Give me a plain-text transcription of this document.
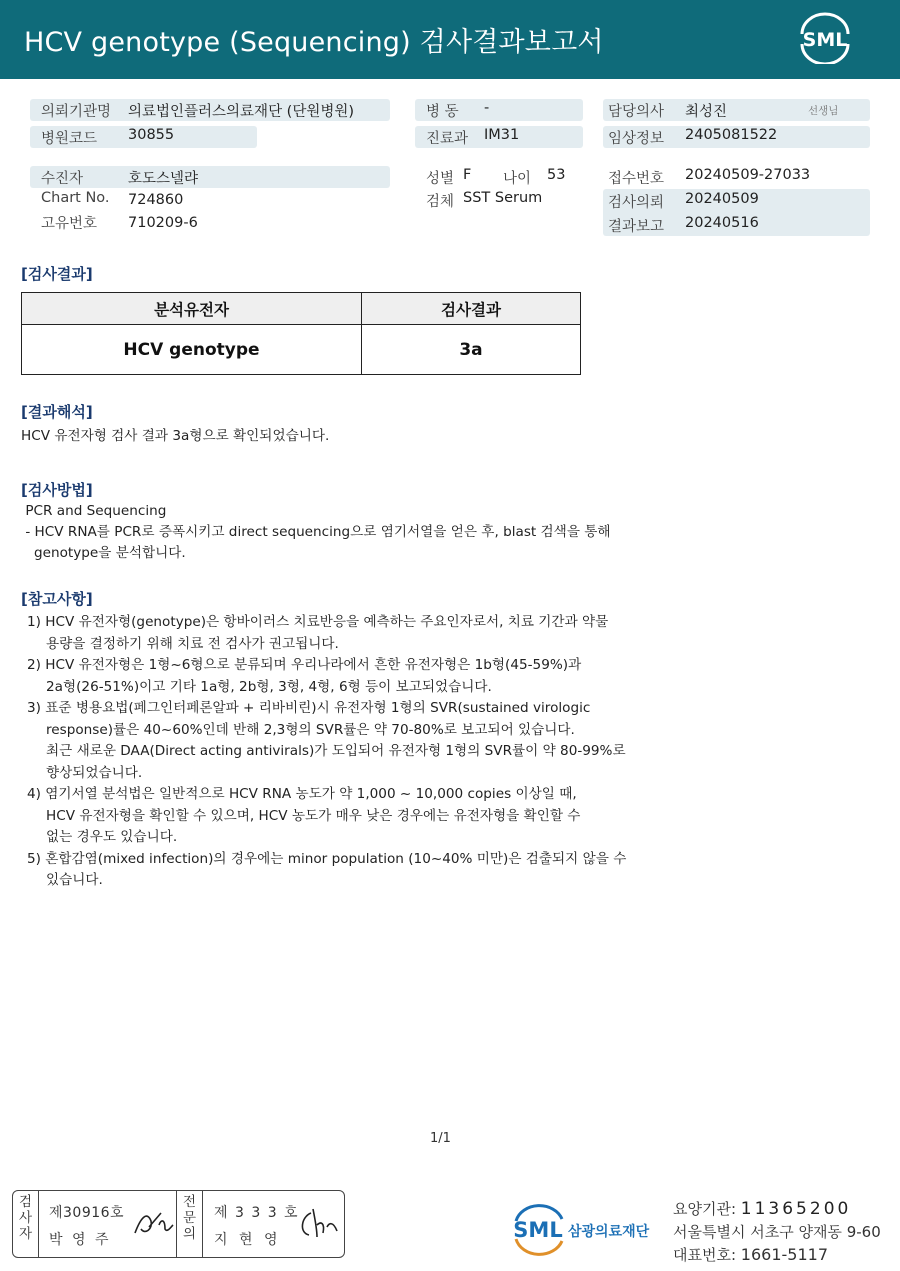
HCV genotype (Sequencing) 검사결과보고서	SML
의뢰기관명 의료법인플러스의료재단 (단원병원)
병원코드 30855
병 동 -
진료과 IM31
담당의사 최성진	선생님
임상정보 2405081522
수진자	호도스넬랴
Chart No. 724860
고유번호 710209-6
성별 F 나이 53
검체 SST Serum
접수번호 20240509-27033
검사의뢰 20240509
결과보고 20240516
[검사결과]
분석유전자	검사결과
HCV genotype	3a
[결과해석]
HCV 유전자형 검사 결과 3a형으로 확인되었습니다.
[검사방법]
PCR and Sequencing
- HCV RNA를 PCR로 증폭시키고 direct sequencing으로 염기서열을 얻은 후, blast 검색을 통해
genotype을 분석합니다.
[참고사항]
1) HCV 유전자형(genotype)은 항바이러스 치료반응을 예측하는 주요인자로서, 치료 기간과 약물
용량을 결정하기 위해 치료 전 검사가 권고됩니다.
2) HCV 유전자형은 1형~6형으로 분류되며 우리나라에서 흔한 유전자형은 1b형(45-59%)과
2a형(26-51%)이고 기타 1a형, 2b형, 3형, 4형, 6형 등이 보고되었습니다.
3) 표준 병용요법(페그인터페론알파 + 리바비린)시 유전자형 1형의 SVR(sustained virologic
response)률은 40~60%인데 반해 2,3형의 SVR률은 약 70-80%로 보고되어 있습니다.
최근 새로운 DAA(Direct acting antivirals)가 도입되어 유전자형 1형의 SVR률이 약 80-99%로
향상되었습니다.
4) 염기서열 분석법은 일반적으로 HCV RNA 농도가 약 1,000 ~ 10,000 copies 이상일 때,
HCV 유전자형을 확인할 수 있으며, HCV 농도가 매우 낮은 경우에는 유전자형을 확인할 수
없는 경우도 있습니다.
5) 혼합감염(mixed infection)의 경우에는 minor population (10~40% 미만)은 검출되지 않을 수
있습니다.
1/1
검사자
제30916호
박 영 주
전문의
제 3 3 3 호
지 현 영	SML 삼광의료재단
요양기관: 11365200
서울특별시 서초구 양재동 9-60
대표번호: 1661-5117
